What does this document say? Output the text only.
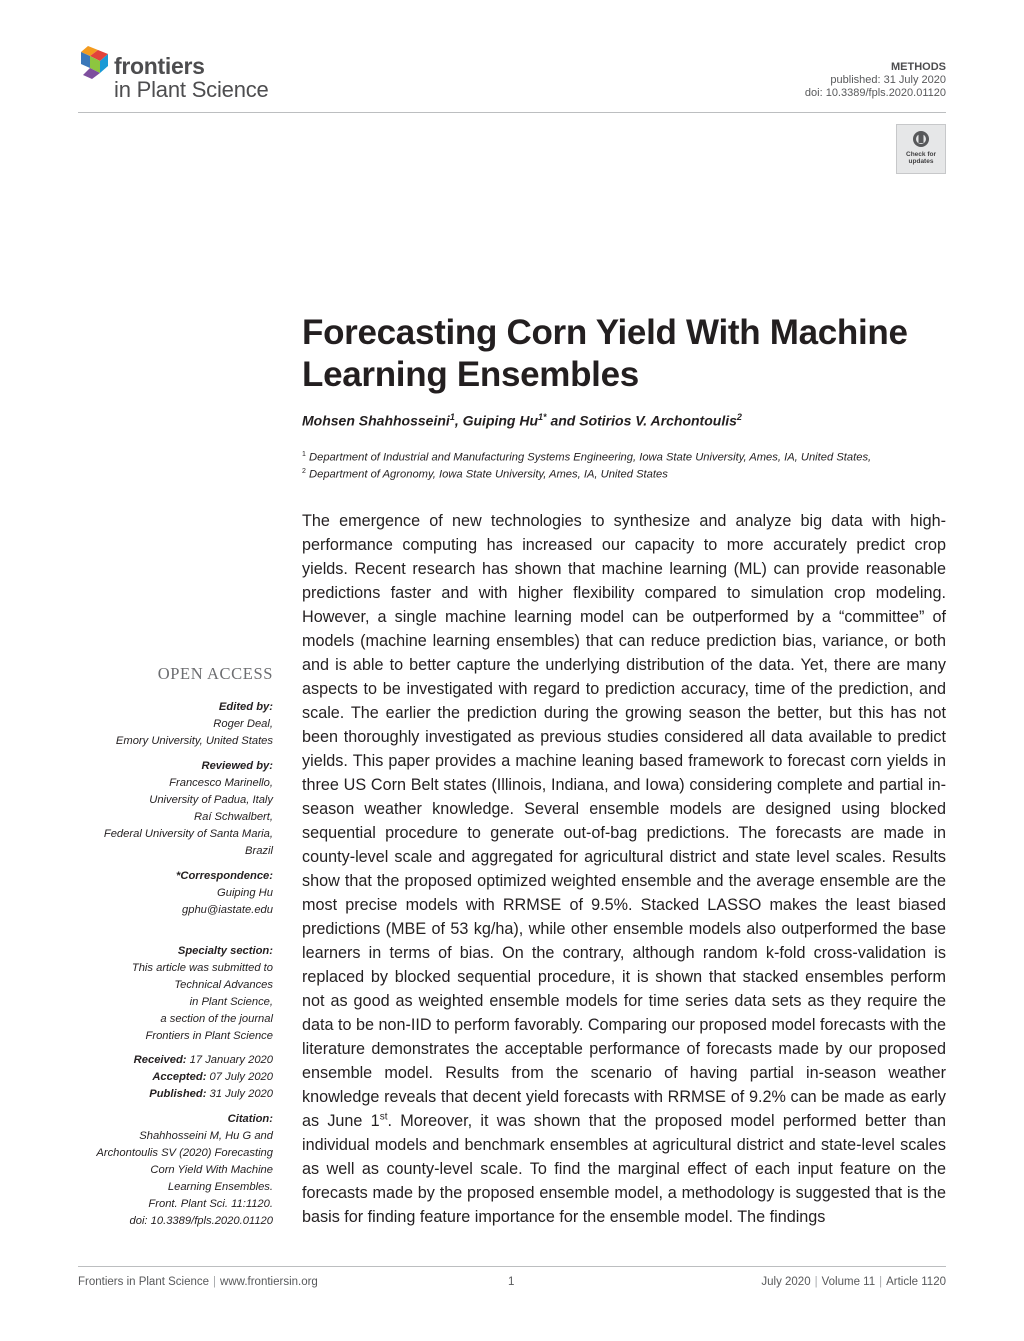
frontiers
in Plant Science
METHODS
published: 31 July 2020
doi: 10.3389/fpls.2020.01120
Check for
updates
Forecasting Corn Yield With Machine Learning Ensembles
Mohsen Shahhosseini$^1$, Guiping $Hu^{1*}$ and Sotirios V. Archontoulis$^2$
$^1$ Department of Industrial and Manufacturing Systems Engineering, Iowa State University, Ames, IA, United States,
$^2$ Department of Agronomy, Iowa State University, Ames, IA, United States
OPEN ACCESS
Edited by:
Roger Deal,
Emory University, United States
Reviewed by:
Francesco Marinello,
University of Padua, Italy
Raí Schwalbert,
Federal University of Santa Maria,
Brazil
*Correspondence:
Guiping Hu
gphu@iastate.edu
Specialty section:
This article was submitted to
Technical Advances
in Plant Science,
a section of the journal
Frontiers in Plant Science
Received: 17 January 2020
Accepted: 07 July 2020
Published: 31 July 2020
Citation:
Shahhosseini M, Hu G and
Archontoulis SV (2020) Forecasting
Corn Yield With Machine
Learning Ensembles.
Front. Plant Sci. 11:1120.
doi: 10.3389/fpls.2020.01120
The emergence of new technologies to synthesize and analyze big data with high-performance computing has increased our capacity to more accurately predict crop yields. Recent research has shown that machine learning (ML) can provide reasonable predictions faster and with higher flexibility compared to simulation crop modeling. However, a single machine learning model can be outperformed by a “committee” of models (machine learning ensembles) that can reduce prediction bias, variance, or both and is able to better capture the underlying distribution of the data. Yet, there are many aspects to be investigated with regard to prediction accuracy, time of the prediction, and scale. The earlier the prediction during the growing season the better, but this has not been thoroughly investigated as previous studies considered all data available to predict yields. This paper provides a machine leaning based framework to forecast corn yields in three US Corn Belt states (Illinois, Indiana, and Iowa) considering complete and partial in-season weather knowledge. Several ensemble models are designed using blocked sequential procedure to generate out-of-bag predictions. The forecasts are made in county-level scale and aggregated for agricultural district and state level scales. Results show that the proposed optimized weighted ensemble and the average ensemble are the most precise models with RRMSE of 9.5%. Stacked LASSO makes the least biased predictions (MBE of 53 kg/ha), while other ensemble models also outperformed the base learners in terms of bias. On the contrary, although random k-fold cross-validation is replaced by blocked sequential procedure, it is shown that stacked ensembles perform not as good as weighted ensemble models for time series data sets as they require the data to be non-IID to perform favorably. Comparing our proposed model forecasts with the literature demonstrates the acceptable performance of forecasts made by our proposed ensemble model. Results from the scenario of having partial in-season weather knowledge reveals that decent yield forecasts with RRMSE of 9.2% can be made as early as June 1st. Moreover, it was shown that the proposed model performed better than individual models and benchmark ensembles at agricultural district and state-level scales as well as county-level scale. To find the marginal effect of each input feature on the forecasts made by the proposed ensemble model, a methodology is suggested that is the basis for finding feature importance for the ensemble model. The findings
Frontiers in Plant Science | www.frontiersin.org	1	July 2020 | Volume 11 | Article 1120
